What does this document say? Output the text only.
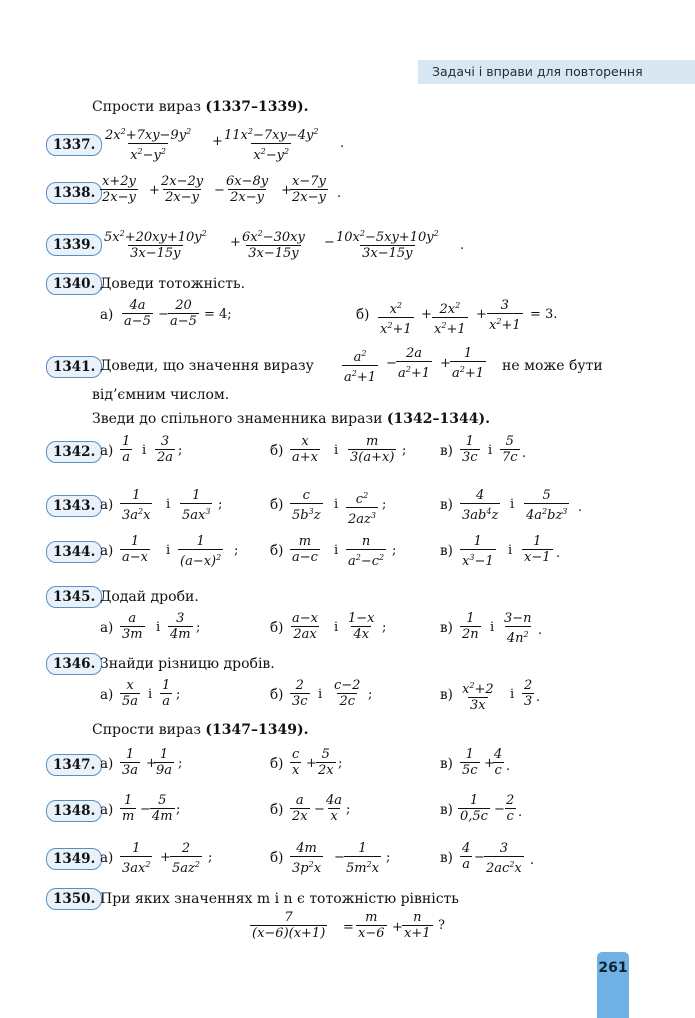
Задачі і вправи для повторення
261
Спрости вираз (1337–1339).
1337.
$2x^2+7xy-9y^2$
$x^2-y^2$
+ $11x^2-7xy-4y^2$
$x^2-y^2$
.
1338.
x+2y
2x−y +
2x−2y
2x−y −
6x−8y
2x−y +
x−7y
2x−y .
1339. $5x^2+20xy+10y^2$
3x−15y
+ $6x^2-30xy$
3x−15y
− $10x^2-5xy+10y^2$
3x−15y
.
1340. Доведи тотожність.
а)
4a
a−5 −
20
a−5 = 4;	б) $x^2$
$x^2+1$
+ $2x^2$
$x^2+1$
+
3
$x^2+1$
= 3.
1341. Доведи, що значення виразу
$a^2$
$a^2+1$
−
2a
$a^2+1$
+
1
$a^2+1$ не може бути
від’ємним числом.
Зведи до спільного знаменника вирази (1342–1344).
1342. а)
1
a і
3
2a ;	б)
x
a+x і
m
3(a+x) ; в)
1
3c і
5
7c .
1343. а)
1
$3a^2x$
і
1
$5ax^3$ ;	б)
c
$5b^3z$
і $c^2$
$2az^3$
;	в)
4
$3ab^4z$
і
5
$4a^2bz^3$ .
1344. а)
1
a−x і
1
$(a-x)^2$ ; б)
m
a−c і
n
$a^2-c^2$ ;	в)
1
$x^3-1$
і
1
x−1 .
1345. Додай дроби.
а)
a
3m і
3
4m ;	б)
a−x
2ax і
1−x
4x ;	в)
1
2n і
3−n
$4n^2$ .
1346. Знайди різницю дробів.
а)
x
5a і
1
a ;	б)
2
3c і
c−2
2c ;	в) $x^2+2$
3x
і
2
3 .
Спрости вираз (1347–1349).
1347. а)
1
3a +
1
9a ;	б)
c
x +
5
2x ;	в)
1
5c +
4
c .
1348. а)
1
m −
5
4m ;	б)
a
2x −
4a
x ;	в)
1
0,5c −
2
c .
1349. а)
1
$3ax^2$ +
2
$5az^2$ ;	б)
4m
$3p^2x$
−
1
$5m^2x$
;	в)
4
a −
3
$2ac^2x$
.
1350. При яких значеннях m і n є тотожністю рівність
7
(x−6)(x+1) =
m
x−6 +
n
x+1
?
